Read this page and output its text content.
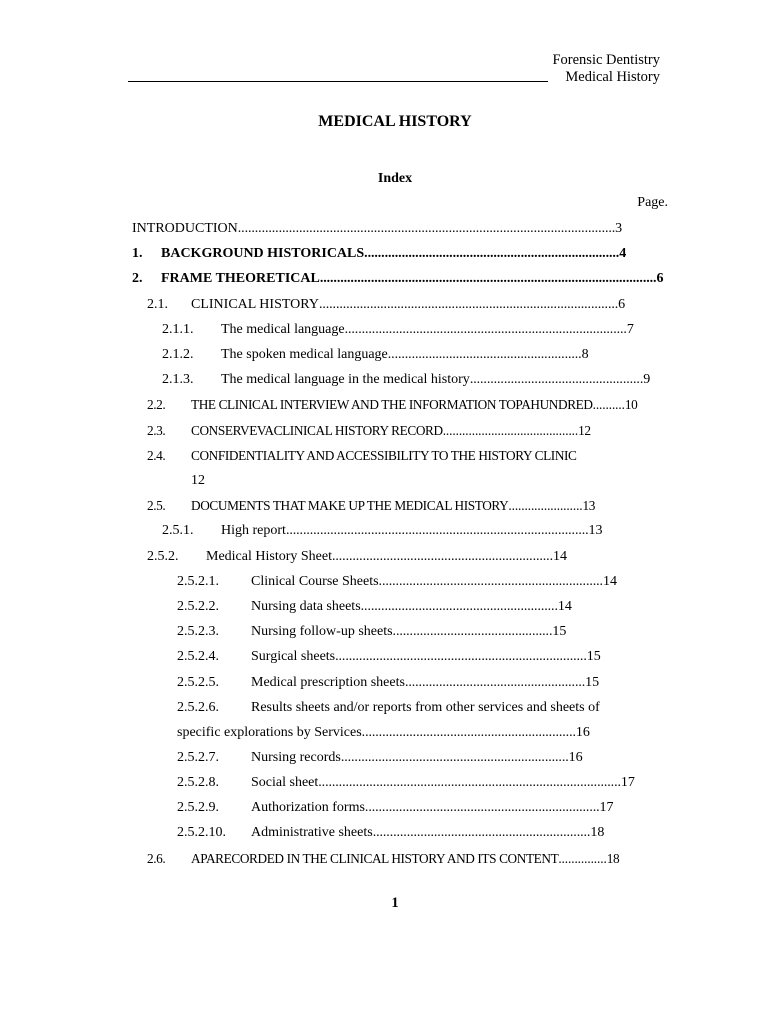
Forensic Dentistry
Medical History
MEDICAL HISTORY
Index
Page.
INTRODUCTION...............................................................................................................3
1. BACKGROUND HISTORICALS...........................................................................4
2. FRAME THEORETICAL...................................................................................................6
2.1. CLINICAL HISTORY........................................................................................6
2.1.1. The medical language...................................................................................7
2.1.2. The spoken medical language.........................................................8
2.1.3. The medical language in the medical history...................................................9
2.2. THE CLINICAL INTERVIEW AND THE INFORMATION TOPAHUNDRED..........10
2.3. CONSERVEVACLINICAL HISTORY RECORD..........................................12
2.4. CONFIDENTIALITY AND ACCESSIBILITY TO THE HISTORY CLINIC
12
2.5. DOCUMENTS THAT MAKE UP THE MEDICAL HISTORY.......................13
2.5.1. High report.........................................................................................13
2.5.2. Medical History Sheet.................................................................14
2.5.2.1. Clinical Course Sheets..................................................................14
2.5.2.2. Nursing data sheets..........................................................14
2.5.2.3. Nursing follow-up sheets...............................................15
2.5.2.4. Surgical sheets..........................................................................15
2.5.2.5. Medical prescription sheets.....................................................15
2.5.2.6. Results sheets and/or reports from other services and sheets of
specific explorations by Services...............................................................16
2.5.2.7. Nursing records...................................................................16
2.5.2.8. Social sheet.........................................................................................17
2.5.2.9. Authorization forms.....................................................................17
2.5.2.10. Administrative sheets................................................................18
2.6. APARECORDED IN THE CLINICAL HISTORY AND ITS CONTENT...............18
1
